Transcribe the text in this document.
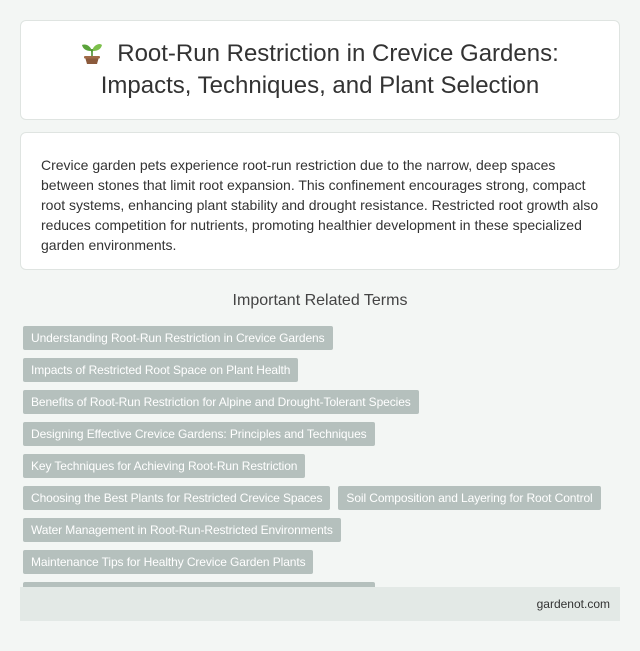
Root-Run Restriction in Crevice Gardens: Impacts, Techniques, and Plant Selection

Crevice garden pets experience root-run restriction due to the narrow, deep spaces between stones that limit root expansion. This confinement encourages strong, compact root systems, enhancing plant stability and drought resistance. Restricted root growth also reduces competition for nutrients, promoting healthier development in these specialized garden environments.

Important Related Terms
Understanding Root-Run Restriction in Crevice Gardens
Impacts of Restricted Root Space on Plant Health
Benefits of Root-Run Restriction for Alpine and Drought-Tolerant Species
Designing Effective Crevice Gardens: Principles and Techniques
Key Techniques for Achieving Root-Run Restriction
Choosing the Best Plants for Restricted Crevice Spaces	Soil Composition and Layering for Root Control
Water Management in Root-Run-Restricted Environments
Maintenance Tips for Healthy Crevice Garden Plants
gardenot.com
